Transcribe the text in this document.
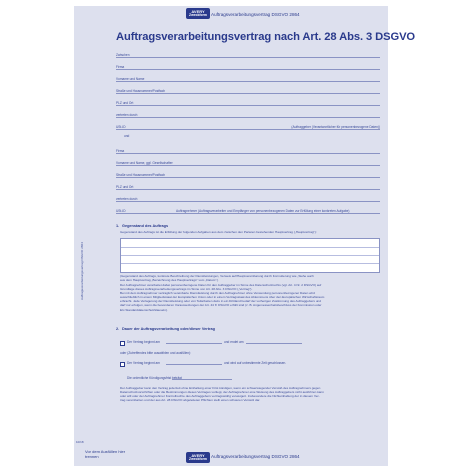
AVERY
Zweckform Auftragsverarbeitungsvertrag DSGVO 2864
Auftragsverarbeitungsvertrag nach Art. 28 Abs. 3 DSGVO
Auftragsverarbeitungsvertrag DSGVO 2864
Zwischen
Firma
Vorname und Name
Straße und Hausnummer/Postfach
PLZ und Ort
vertreten durch
USt-ID	(Auftraggeber (Verantwortlicher für personenbezogene Daten))
und
Firma
Vorname und Name, ggf. Gesellschafter
Straße und Hausnummer/Postfach
PLZ und Ort
vertreten durch
USt-ID	Auftragnehmer (Auftragsverarbeiter und Empfänger von personenbezogenen Daten zur Erfüllung einer konkreten Aufgabe)
1. Gegenstand des Auftrags
Gegenstand des Auftrags ist die Erfüllung der folgenden Aufgaben aus dem zwischen den Parteien bestehenden Hauptvertrag („Hauptvertrag"):
(Gegenstand des Auftrags, konkrete Beschreibung der Dienstleistungen, Verweis auf/Hauptvereinbarung durch Formulierung wie „Siehe auch
aus dem Hauptvertrag „Bezeichnung des Hauptvertrags" vom „Datum".)
Der Auftragnehmer verarbeitet dabei personenbezogene Daten für den Auftraggeber im Sinne des Datenschutzrechts (vgl. Art. 4 Nr. 2 DSGVO) auf
Grundlage dieses Auftragsverarbeitungsvertrags im Sinne von Art. 28 Abs. 3 DSGVO („Vertrag").
Bei mit dem Auftragnehmer vertraglich vereinbarte Dienstleistung durch den Auftragnehmer ohne Verwendung personenbezogener Daten wird
ausschließlich in einem Mitgliedsstaat der Europäischen Union oder in einem Vertragsstaat des Abkommens über den Europäischen Wirtschaftsraum
erbracht. Jede Verlagerung der Dienstleistung oder von Teilarbeiten dazu in ein Drittland bedarf der vorherigen Zustimmung des Auftraggebers und
darf nur erfolgen, wenn die besonderen Voraussetzungen der Art. 44 ff. DSGVO erfüllt sind (z. B. Angemessenheitsbeschluss der Kommission oder
EU-Standarddatenschutzklauseln).
2. Dauer der Auftragsverarbeitung oder/dieser Vertrag
Der Vertrag beginnt am	und endet am
oder (Zutreffendes bitte auswählen und ausfüllen):
Der Vertrag beginnt am	und wird auf unbestimmte Zeit geschlossen.
Die ordentliche Kündigungsfrist beträgt
Der Auftraggeber kann den Vertrag jederzeit ohne Einhaltung einer Frist kündigen, wenn ein schwerwiegender Verstoß des Auftragnehmers gegen
Datenschutzvorschriften oder die Bestimmungen dieses Vertrages vorliegt, der Auftragnehmer eine Weisung des Auftraggebers nicht ausführen kann
oder will oder der Auftragnehmer Kontrollrechte des Auftraggebers vertragswidrig verweigert. Insbesondere die Nichteinhaltung der in diesem Ver-
trag vereinbarten und der aus Art. 28 DSGVO abgeleiteten Pflichten stellt einen schweren Verstoß dar.
10/18
Vor dem Ausfüllen hier
trennen	AVERY
Zweckform Auftragsverarbeitungsvertrag DSGVO 2864
